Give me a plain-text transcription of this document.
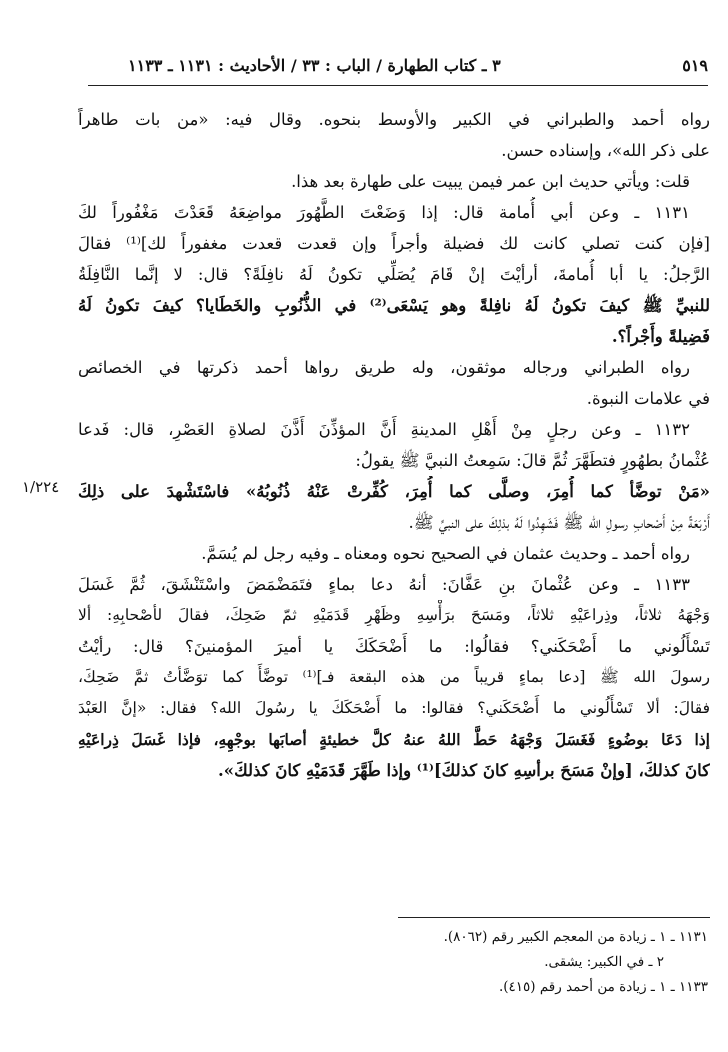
٥١٩
٣ ـ كتاب الطهارة / الباب : ٣٣ / الأحاديث : ١١٣١ ـ ١١٣٣
١/٢٢٤
رواه أحمد والطبراني في الكبير والأوسط بنحوه. وقال فيه: «من بات طاهراً
على ذكر الله»، وإسناده حسن.
قلت: ويأتي حديث ابن عمر فيمن يبيت على طهارة بعد هذا.
١١٣١ ـ وعن أبي أُمامة قال: إذا وَضَعْتَ الطَّهُورَ مواضِعَهُ قَعَدْتَ مَغْفُوراً لكَ
[فإن كنت تصلي كانت لك فضيلة وأجراً وإن قعدت قعدت مغفوراً لك]⁽¹⁾ فقالَ
الرَّجلُ: يا أبا أُمامةَ، أرأيْتَ إنْ قَامَ يُصَلِّي تكونُ لَهُ نافِلَةً؟ قال: لا إنَّما النَّافِلَةُ
للنبيِّ ﷺ كيفَ تكونُ لَهُ نافِلةً وهو يَسْعَى⁽²⁾ في الذُّنُوبِ والخَطَايا؟ كيفَ تكونُ لَهُ
فَضِيلةً وأَجْراً؟.
رواه الطبراني ورجاله موثقون، وله طريق رواها أحمد ذكرتها في الخصائص
في علامات النبوة.
١١٣٢ ـ وعن رجلٍ مِنْ أَهْلِ المدينةِ أَنَّ المؤذِّنَ أَذَّنَ لصلاةِ العَصْرِ، قال: فَدعا
عُثْمانُ بطهُورٍ فتطَهَّرَ ثُمَّ قالَ: سَمِعتُ النبيَّ ﷺ يقولُ:
«مَنْ توضَّأ كما أُمِرَ، وصلَّى كما أُمِرَ، كُفِّرتْ عَنْهُ ذُنُوبُهُ» فاسْتَشْهدَ على ذلِكَ
أَرْبَعَةً مِنْ أَصْحابِ رسولِ الله ﷺ فَشَهِدُوا لَهُ بذلِكَ على النبيِّ ﷺ.
رواه أحمد ـ وحديث عثمان في الصحيح نحوه ومعناه ـ وفيه رجل لم يُسَمَّ.
١١٣٣ ـ وعن عُثْمانَ بنِ عَفَّانَ: أنهُ دعا بماءٍ فتَمَضْمَضَ واسْتَنْشَقَ، ثُمَّ غَسَلَ
وَجْهَهُ ثلاثاً، وذِراعَيْهِ ثلاثاً، ومَسَحَ برَأْسِهِ وظَهْرِ قَدَمَيْهِ ثمّ ضَحِكَ، فقالَ لأصْحابِهِ: ألا
تَسْأَلُوني ما أَضْحَكَني؟ فقالُوا: ما أَضْحَكَكَ يا أميرَ المؤمنينَ؟ قال: رأيْتُ
رسولَ الله ﷺ [دعا بماءٍ قريباً من هذه البقعة فـ]⁽¹⁾ توضَّأَ كما توَضَّأتُ ثمَّ ضَحِكَ،
فقالَ: ألا تَسْأَلُوني ما أَضْحَكَني؟ فقالوا: ما أَضْحَكَكَ يا رسُولَ الله؟ فقال: «إنَّ العَبْدَ
إذا دَعَا بوضُوءٍ فَغَسَلَ وَجْهَهُ حَطَّ اللهُ عنهُ كلَّ خطيئةٍ أصابَها بوجْهِهِ، فإذا غَسَلَ ذِراعَيْهِ
كانَ كذلكَ، [وإنْ مَسَحَ برأسِهِ كانَ كذلكَ]⁽¹⁾ وإذا طَهَّرَ قَدَمَيْهِ كانَ كذلكَ».
١١٣١ ـ ١ ـ زيادة من المعجم الكبير رقم (٨٠٦٢).
٢ ـ في الكبير: يشقى.
١١٣٣ ـ ١ ـ زيادة من أحمد رقم (٤١٥).
